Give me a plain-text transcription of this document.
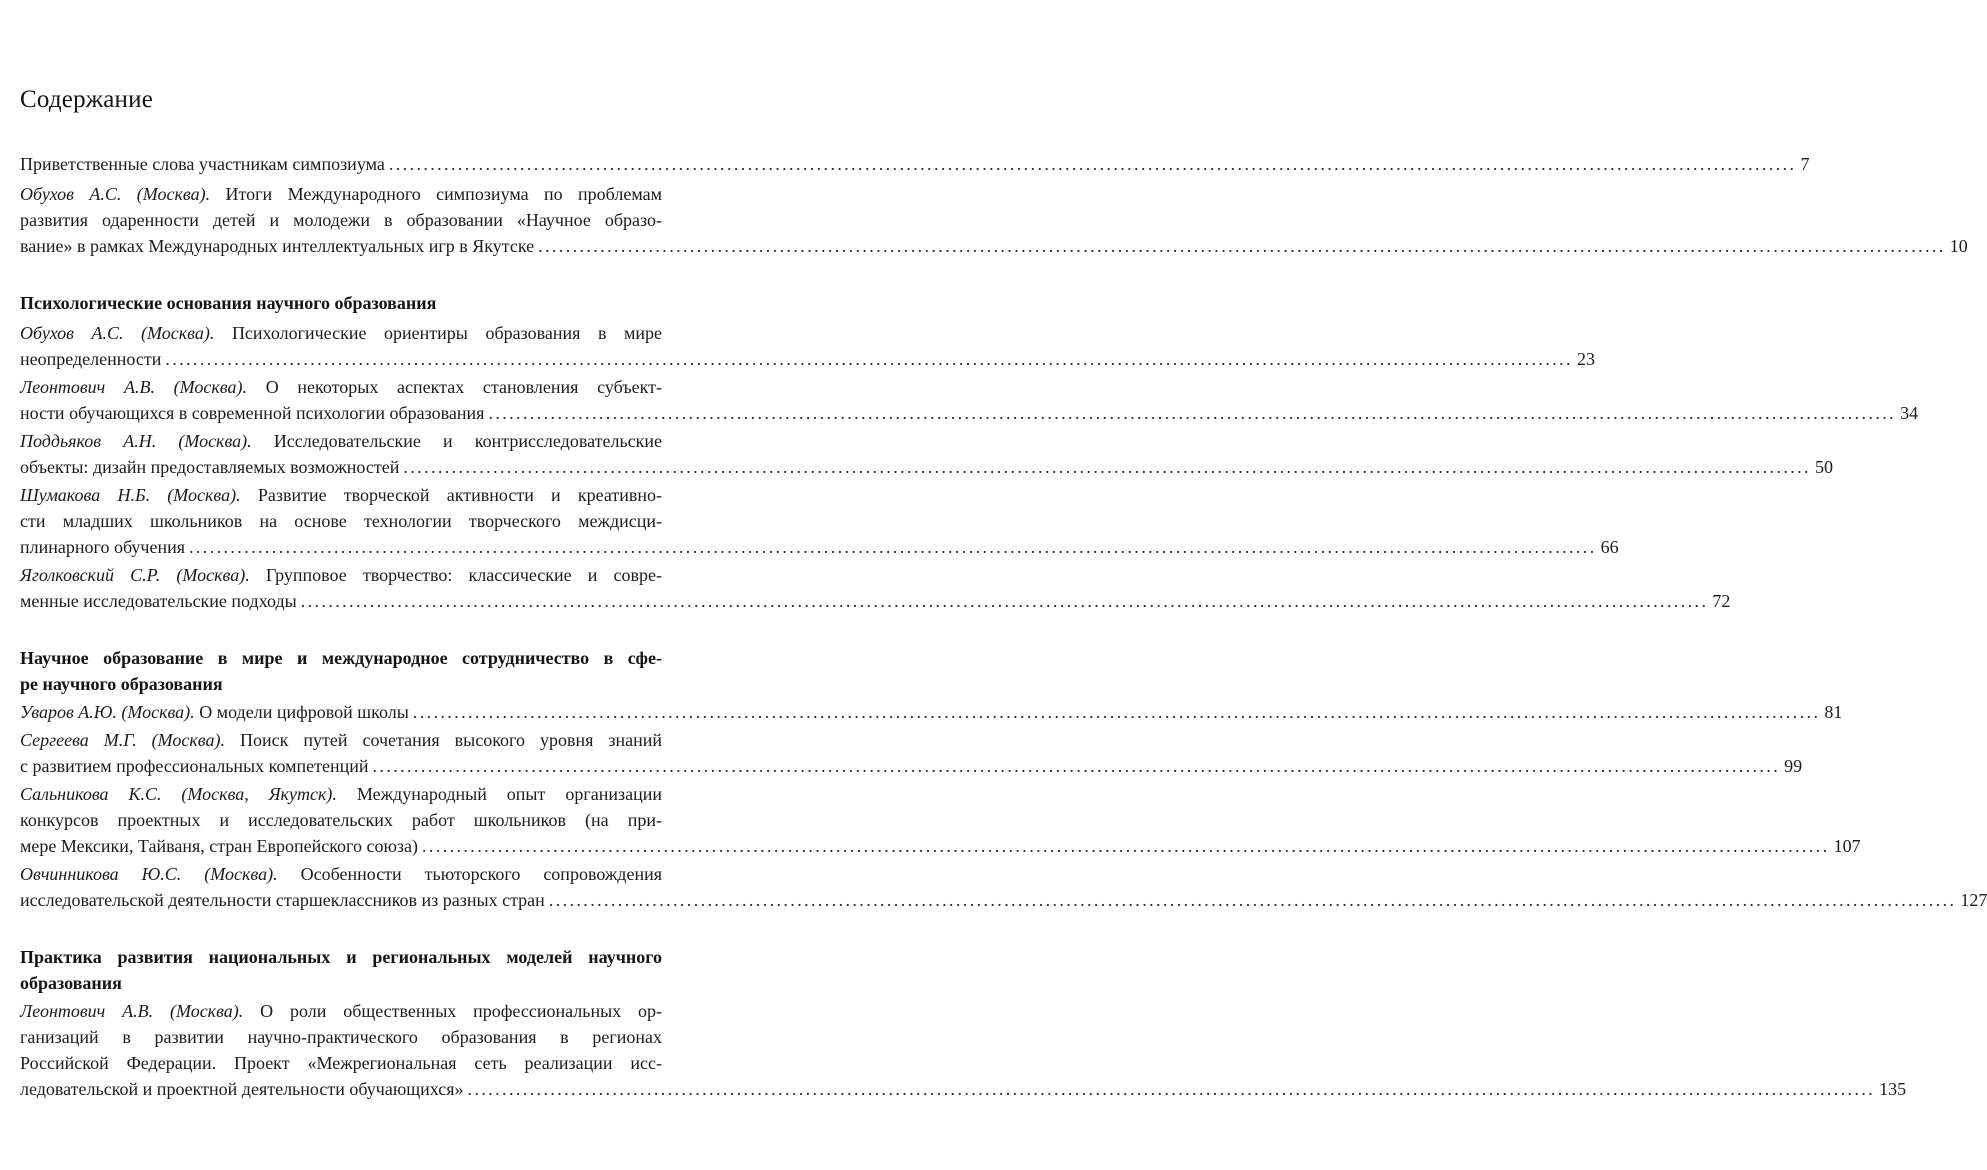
Содержание
Приветственные слова участникам симпозиума ............................................................................................................................................................................................................ 7
Обухов А.С. (Москва). Итоги Международного симпозиума по проблемам
развития одаренности детей и молодежи в образовании «Научное образо-
вание» в рамках Международных интеллектуальных игр в Якутске ............................................................................................................................................................................................................ 10
Психологические основания научного образования
Обухов А.С. (Москва). Психологические ориентиры образования в мире
неопределенности ............................................................................................................................................................................................................ 23
Леонтович А.В. (Москва). О некоторых аспектах становления субъект-
ности обучающихся в современной психологии образования ............................................................................................................................................................................................................ 34
Поддьяков А.Н. (Москва). Исследовательские и контрисследовательские
объекты: дизайн предоставляемых возможностей ............................................................................................................................................................................................................ 50
Шумакова Н.Б. (Москва). Развитие творческой активности и креативно-
сти младших школьников на основе технологии творческого междисци-
плинарного обучения ............................................................................................................................................................................................................ 66
Яголковский С.Р. (Москва). Групповое творчество: классические и совре-
менные исследовательские подходы ............................................................................................................................................................................................................ 72
Научное образование в мире и международное сотрудничество в сфе-
ре научного образования
Уваров А.Ю. (Москва). О модели цифровой школы ............................................................................................................................................................................................................ 81
Сергеева М.Г. (Москва). Поиск путей сочетания высокого уровня знаний
с развитием профессиональных компетенций ............................................................................................................................................................................................................ 99
Сальникова К.С. (Москва, Якутск). Международный опыт организации
конкурсов проектных и исследовательских работ школьников (на при-
мере Мексики, Тайваня, стран Европейского союза) ............................................................................................................................................................................................................ 107
Овчинникова Ю.С. (Москва). Особенности тьюторского сопровождения
исследовательской деятельности старшеклассников из разных стран ............................................................................................................................................................................................................ 127
Практика развития национальных и региональных моделей научного
образования
Леонтович А.В. (Москва). О роли общественных профессиональных ор-
ганизаций в развитии научно-практического образования в регионах
Российской Федерации. Проект «Межрегиональная сеть реализации исс-
ледовательской и проектной деятельности обучающихся» ............................................................................................................................................................................................................ 135
